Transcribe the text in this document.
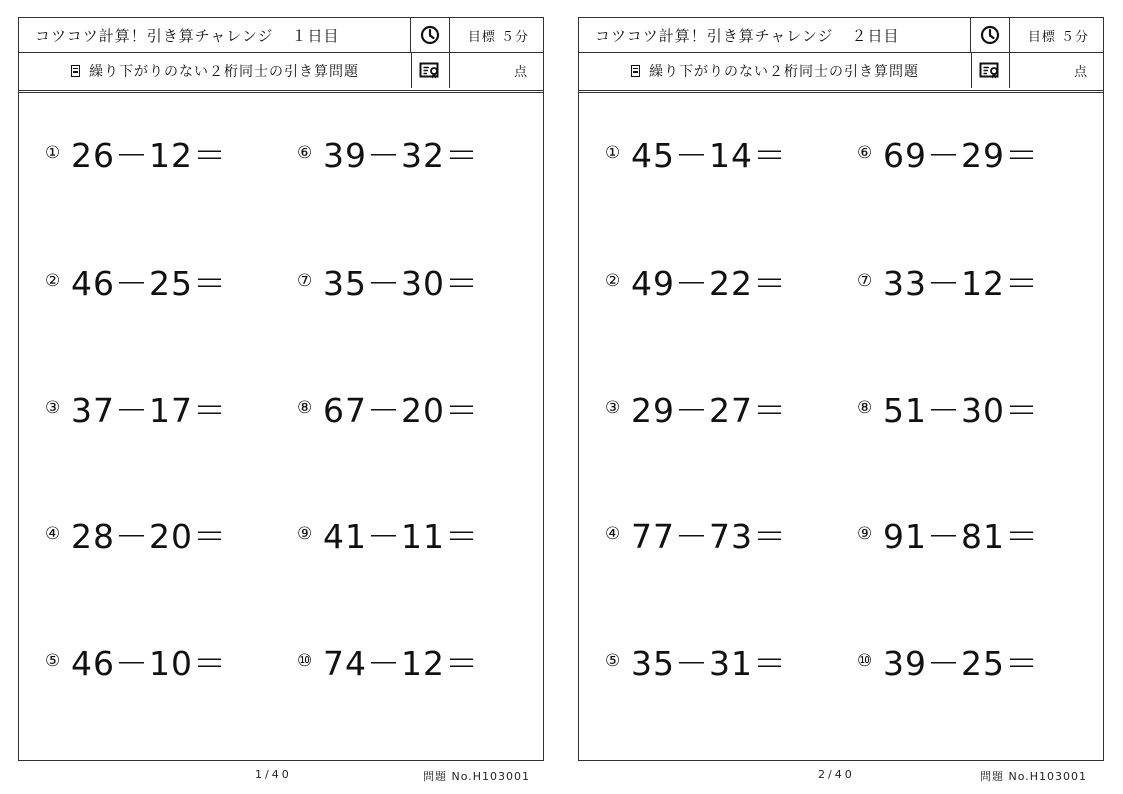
コツコツ計算！引き算チャレンジ １日目	目標 ５分
繰り下がりのない２桁同士の引き算問題	点
① 26－12＝
② 46－25＝
③ 37－17＝
④ 28－20＝
⑤ 46－10＝
⑥ 39－32＝
⑦ 35－30＝
⑧ 67－20＝
⑨ 41－11＝
⑩ 74－12＝
1/40	問題 No.H103001
コツコツ計算！引き算チャレンジ ２日目	目標 ５分
繰り下がりのない２桁同士の引き算問題	点
① 45－14＝
② 49－22＝
③ 29－27＝
④ 77－73＝
⑤ 35－31＝
⑥ 69－29＝
⑦ 33－12＝
⑧ 51－30＝
⑨ 91－81＝
⑩ 39－25＝
2/40	問題 No.H103001
